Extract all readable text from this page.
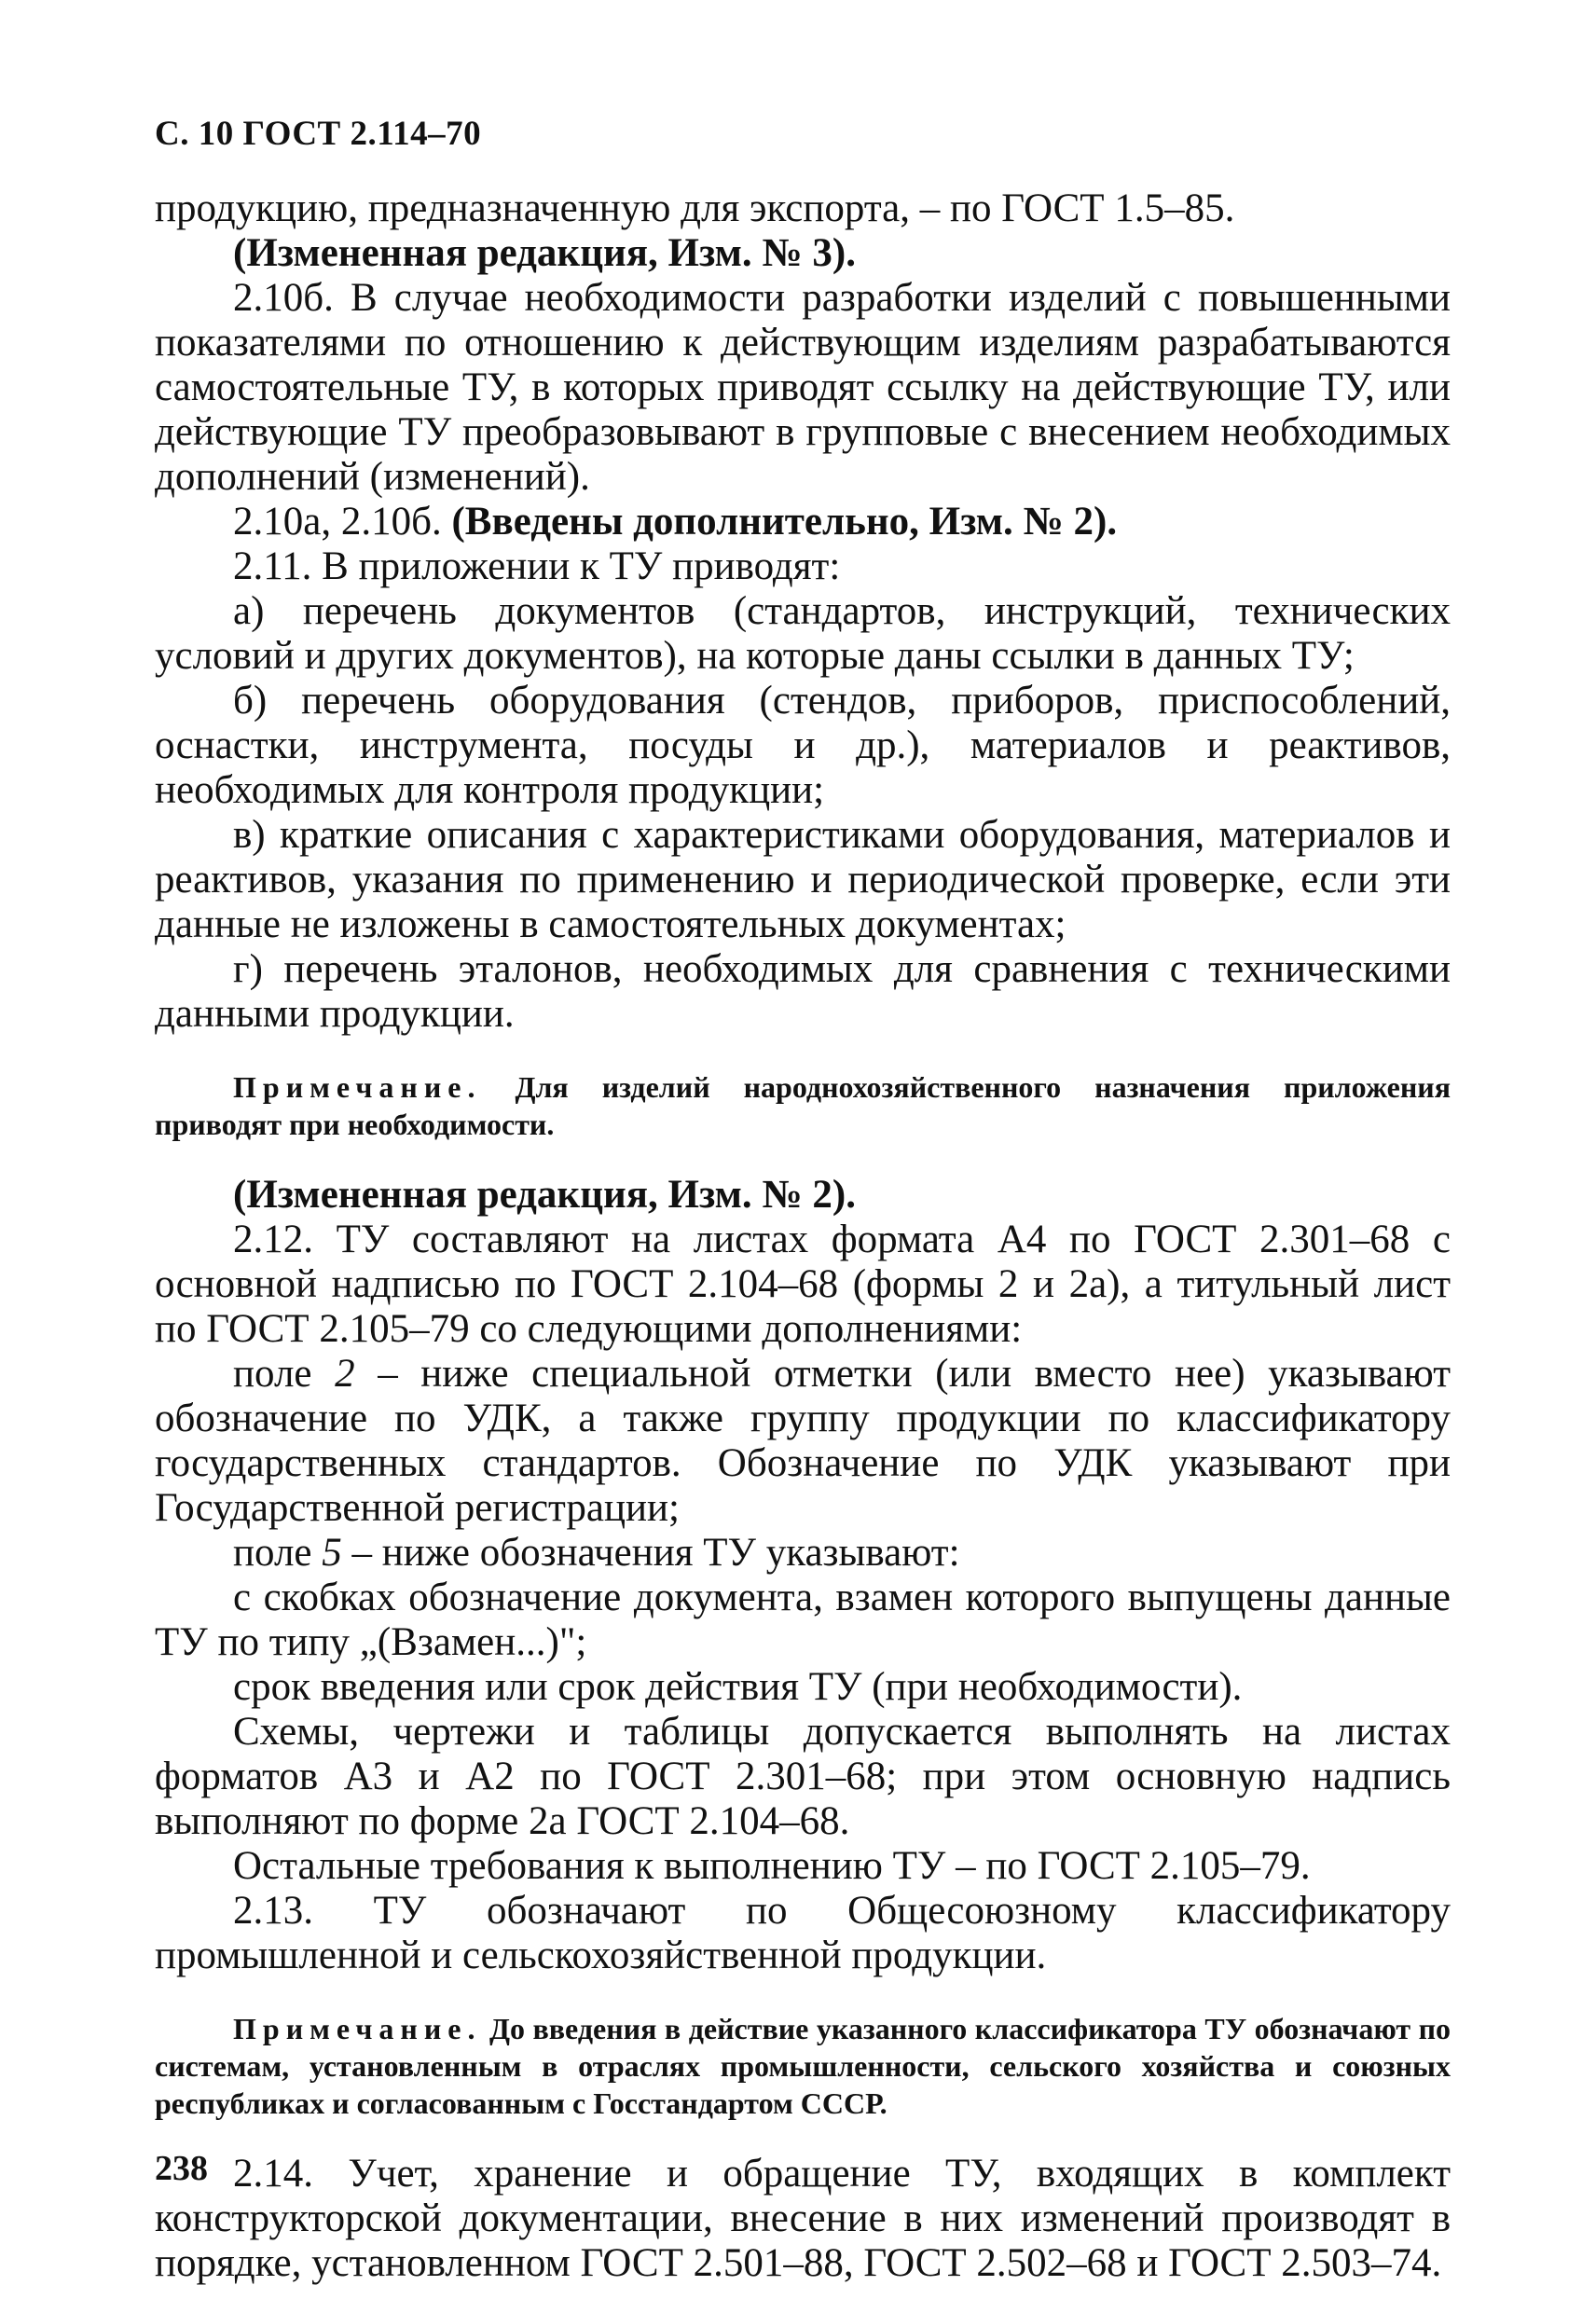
С. 10 ГОСТ 2.114–70

продукцию, предназначенную для экспорта, – по ГОСТ 1.5–85.

(Измененная редакция, Изм. № 3).

2.10б. В случае необходимости разработки изделий с повышенными показателями по отношению к действующим изделиям разрабатываются самостоятельные ТУ, в которых приводят ссылку на действующие ТУ, или действующие ТУ преобразовывают в групповые с внесением необходимых дополнений (изменений).

2.10а, 2.10б. (Введены дополнительно, Изм. № 2).

2.11. В приложении к ТУ приводят:

а) перечень документов (стандартов, инструкций, технических условий и других документов), на которые даны ссылки в данных ТУ;

б) перечень оборудования (стендов, приборов, приспособлений, оснастки, инструмента, посуды и др.), материалов и реактивов, необходимых для контроля продукции;

в) краткие описания с характеристиками оборудования, материалов и реактивов, указания по применению и периодической проверке, если эти данные не изложены в самостоятельных документах;

г) перечень эталонов, необходимых для сравнения с техническими данными продукции.

Примечание. Для изделий народнохозяйственного назначения приложения приводят при необходимости.

(Измененная редакция, Изм. № 2).

2.12. ТУ составляют на листах формата А4 по ГОСТ 2.301–68 с основной надписью по ГОСТ 2.104–68 (формы 2 и 2а), а титульный лист по ГОСТ 2.105–79 со следующими дополнениями:

поле 2 – ниже специальной отметки (или вместо нее) указывают обозначение по УДК, а также группу продукции по классификатору государственных стандартов. Обозначение по УДК указывают при Государственной регистрации;

поле 5 – ниже обозначения ТУ указывают:

с скобках обозначение документа, взамен которого выпущены данные ТУ по типу „(Взамен...)";

срок введения или срок действия ТУ (при необходимости).

Схемы, чертежи и таблицы допускается выполнять на листах форматов А3 и А2 по ГОСТ 2.301–68; при этом основную надпись выполняют по форме 2а ГОСТ 2.104–68.

Остальные требования к выполнению ТУ – по ГОСТ 2.105–79.

2.13. ТУ обозначают по Общесоюзному классификатору промышленной и сельскохозяйственной продукции.

Примечание. До введения в действие указанного классификатора ТУ обозначают по системам, установленным в отраслях промышленности, сельского хозяйства и союзных республиках и согласованным с Госстандартом СССР.

2.14. Учет, хранение и обращение ТУ, входящих в комплект конструкторской документации, внесение в них изменений производят в порядке, установленном ГОСТ 2.501–88, ГОСТ 2.502–68 и ГОСТ 2.503–74.

238
